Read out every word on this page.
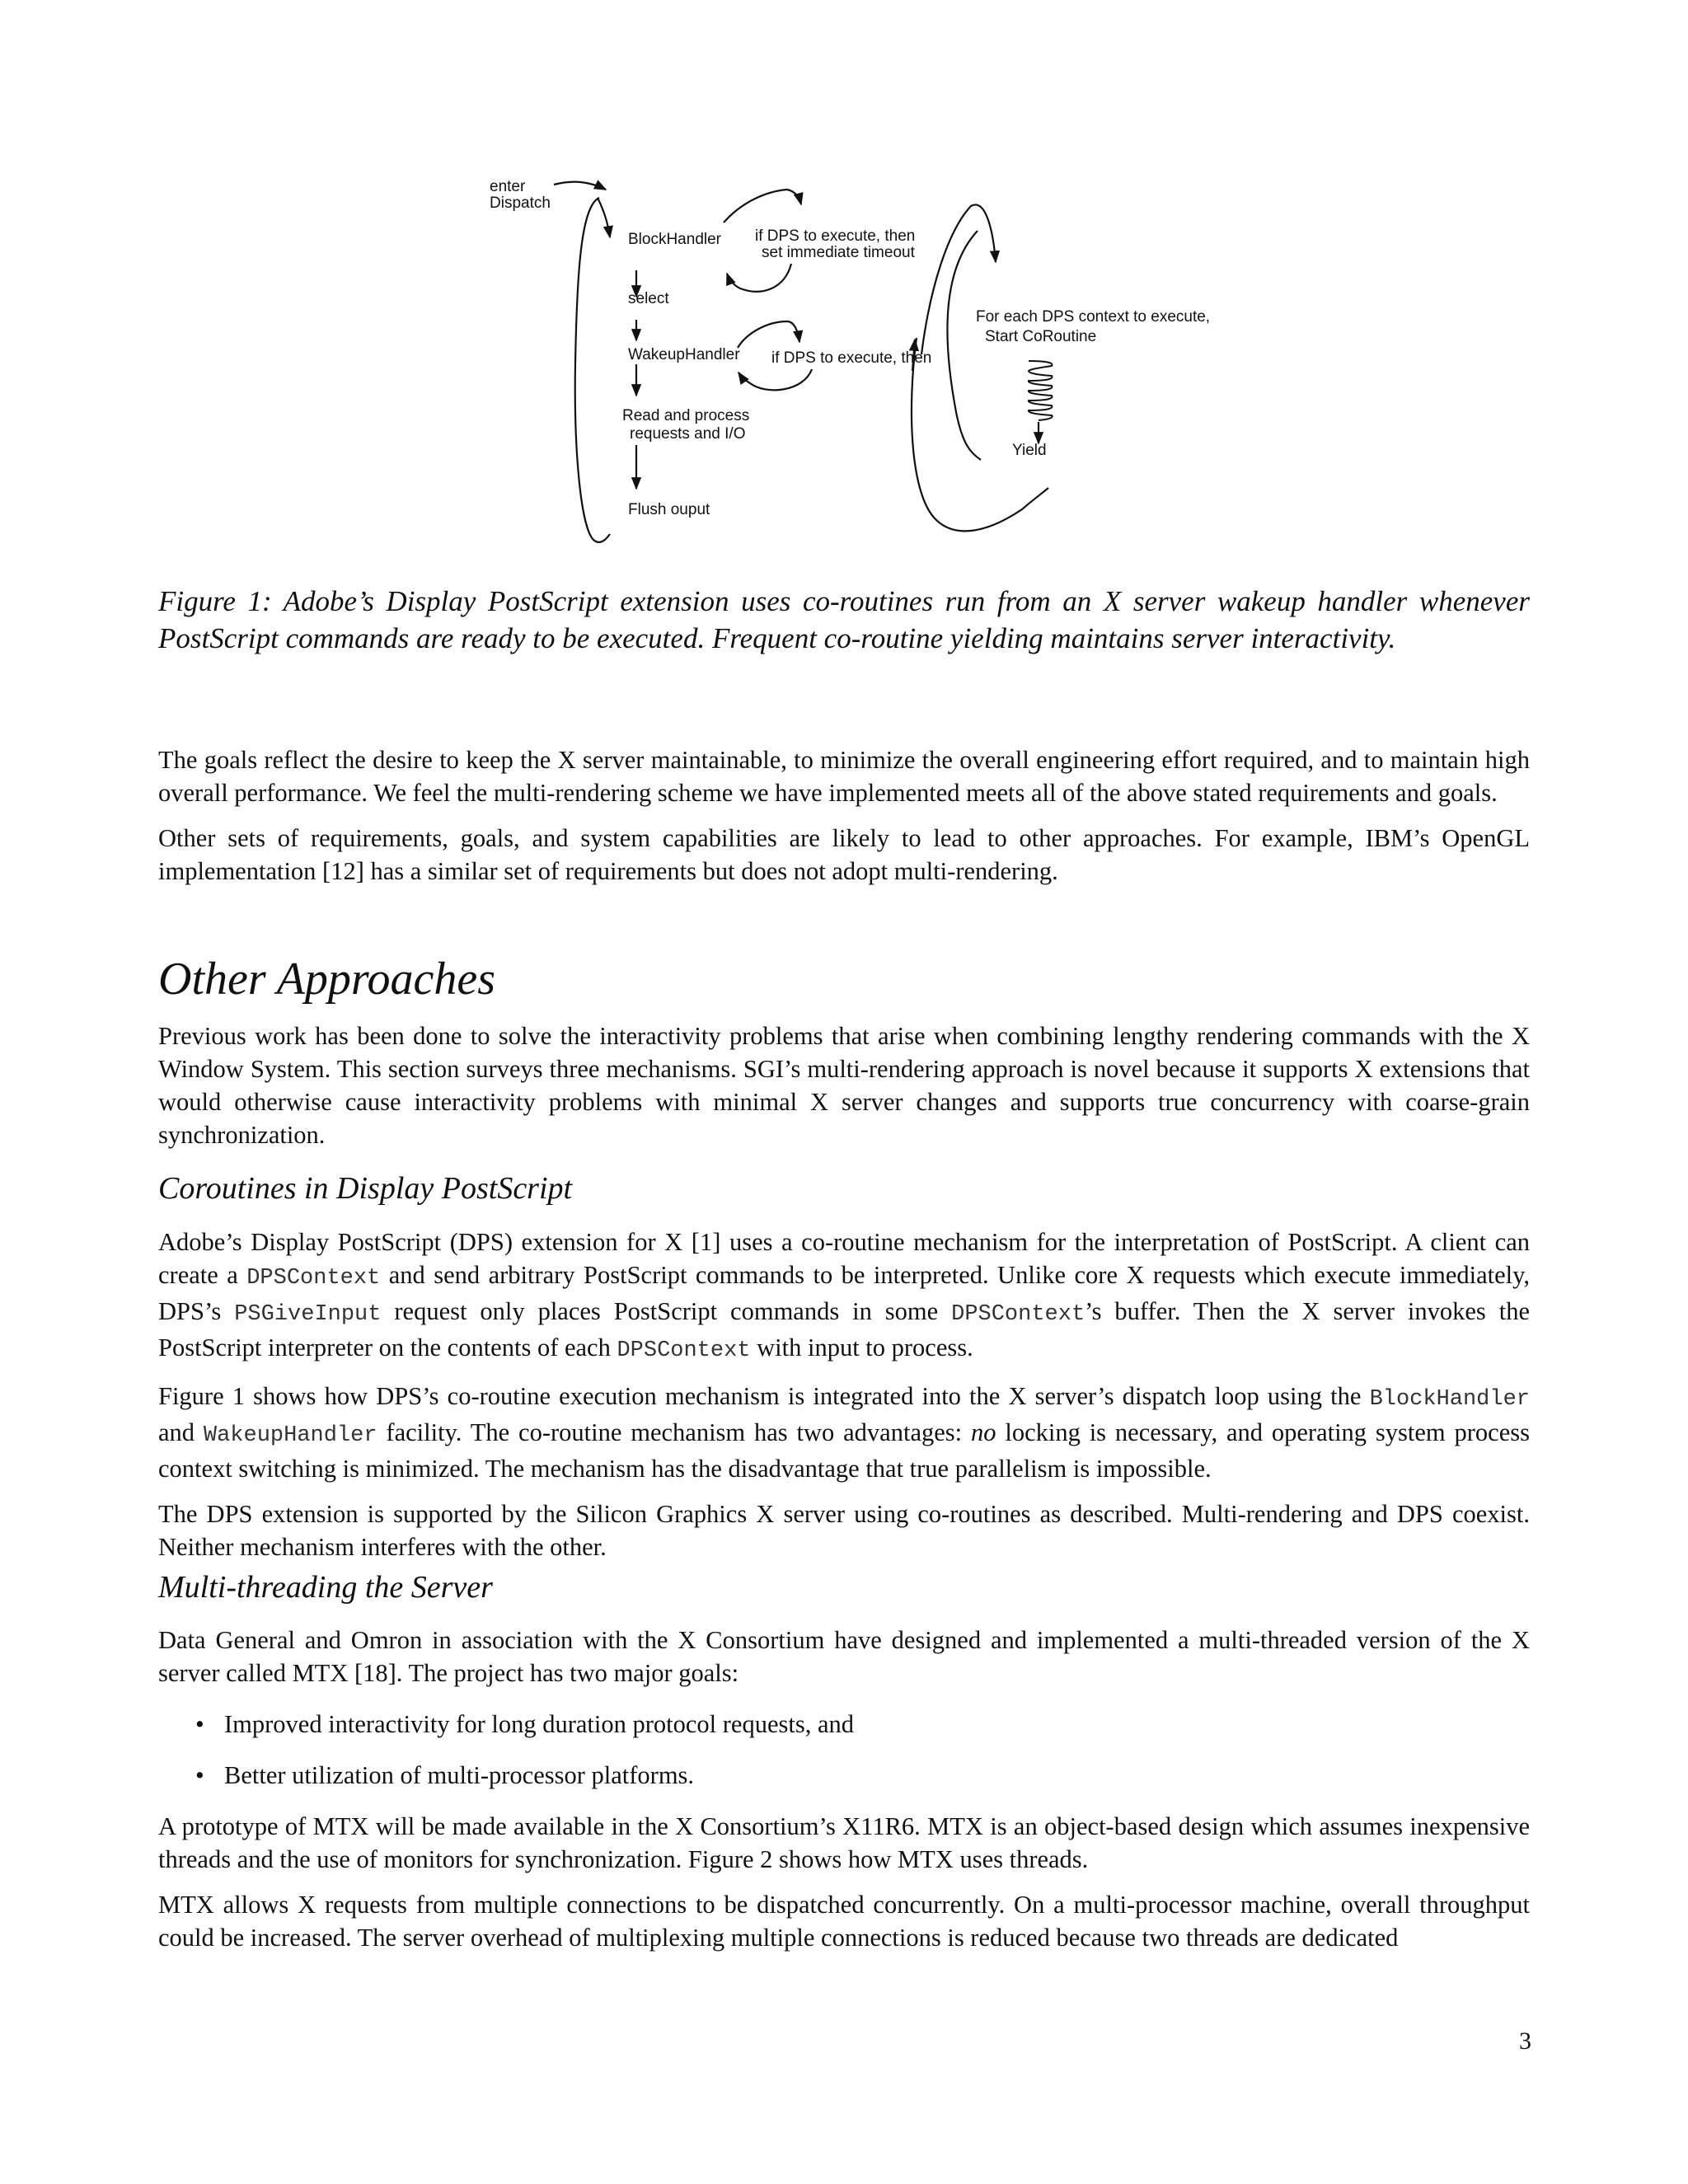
enter
Dispatch
BlockHandler
select
WakeupHandler
Read and process
requests and I/O
Flush ouput
if DPS to execute, then
set immediate timeout
if DPS to execute, then
For each DPS context to execute,
Start CoRoutine
Yield
Figure 1: Adobe’s Display PostScript extension uses co-routines run from an X server wakeup handler whenever PostScript commands are ready to be executed. Frequent co-routine yielding maintains server interactivity.

The goals reflect the desire to keep the X server maintainable, to minimize the overall engineering effort required, and to maintain high overall performance. We feel the multi-rendering scheme we have implemented meets all of the above stated requirements and goals.

Other sets of requirements, goals, and system capabilities are likely to lead to other approaches. For example, IBM’s OpenGL implementation [12] has a similar set of requirements but does not adopt multi-rendering.

Other Approaches

Previous work has been done to solve the interactivity problems that arise when combining lengthy rendering commands with the X Window System. This section surveys three mechanisms. SGI’s multi-rendering approach is novel because it supports X extensions that would otherwise cause interactivity problems with minimal X server changes and supports true concurrency with coarse-grain synchronization.

Coroutines in Display PostScript

Adobe’s Display PostScript (DPS) extension for X [1] uses a co-routine mechanism for the interpretation of PostScript. A client can create a DPSContext and send arbitrary PostScript commands to be interpreted. Unlike core X requests which execute immediately, DPS’s PSGiveInput request only places PostScript commands in some DPSContext’s buffer. Then the X server invokes the PostScript interpreter on the contents of each DPSContext with input to process.

Figure 1 shows how DPS’s co-routine execution mechanism is integrated into the X server’s dispatch loop using the BlockHandler and WakeupHandler facility. The co-routine mechanism has two advantages: no locking is necessary, and operating system process context switching is minimized. The mechanism has the disadvantage that true parallelism is impossible.

The DPS extension is supported by the Silicon Graphics X server using co-routines as described. Multi-rendering and DPS coexist. Neither mechanism interferes with the other.

Multi-threading the Server

Data General and Omron in association with the X Consortium have designed and implemented a multi-threaded version of the X server called MTX [18]. The project has two major goals:

• Improved interactivity for long duration protocol requests, and
• Better utilization of multi-processor platforms.

A prototype of MTX will be made available in the X Consortium’s X11R6. MTX is an object-based design which assumes inexpensive threads and the use of monitors for synchronization. Figure 2 shows how MTX uses threads.

MTX allows X requests from multiple connections to be dispatched concurrently. On a multi-processor machine, overall throughput could be increased. The server overhead of multiplexing multiple connections is reduced because two threads are dedicated

3
